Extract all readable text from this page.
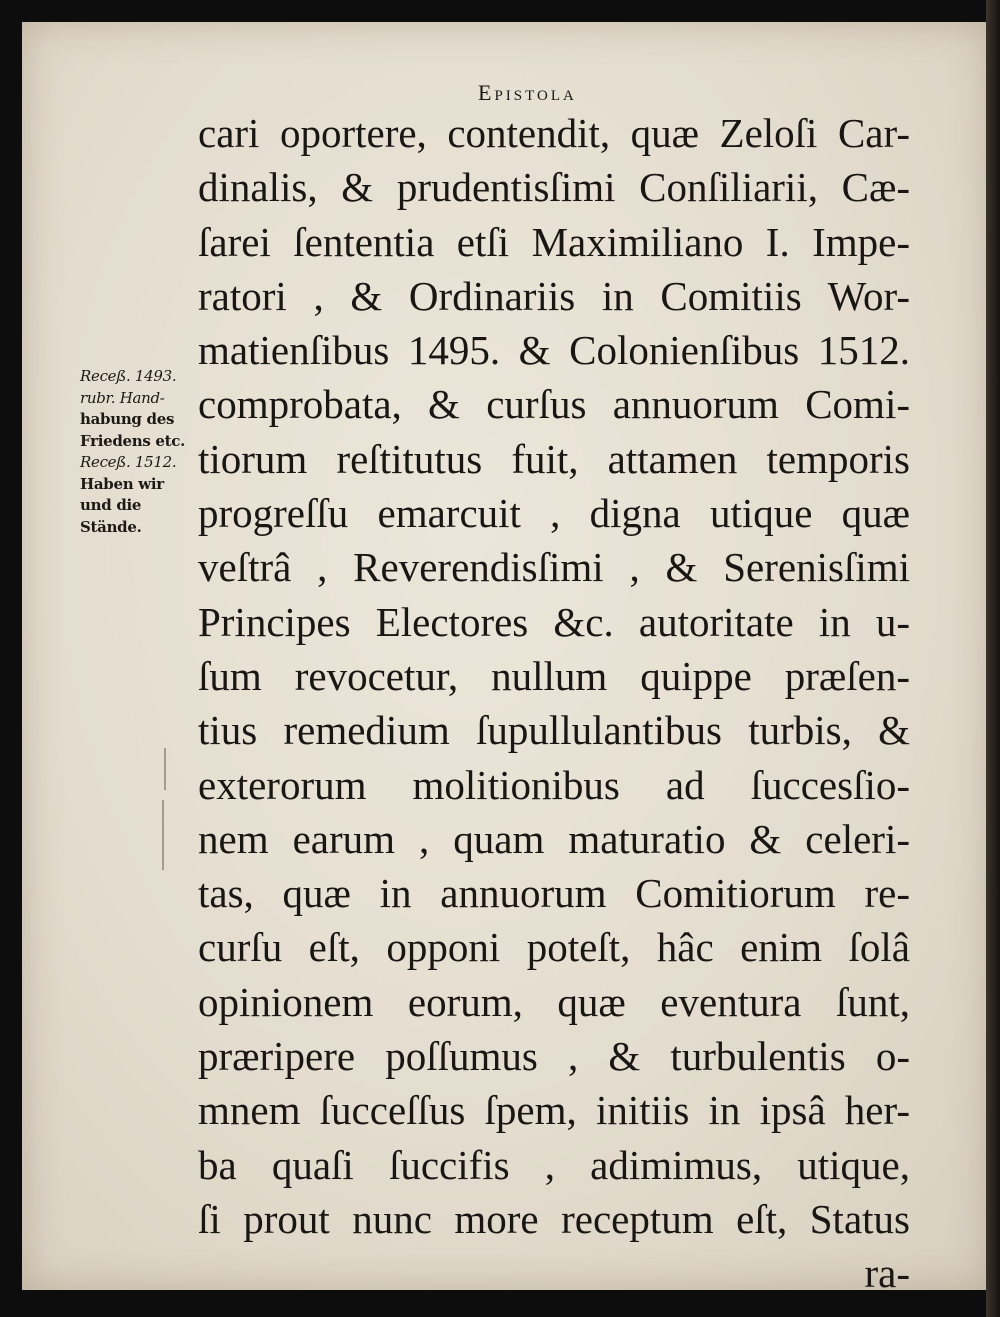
Epistola
Receß. 1493.
rubr. Hand-
habung des
Friedens etc.
Receß. 1512.
Haben wir
und die
Stände.
cari oportere, contendit, quæ Zeloſi Car-
dinalis, & prudentisſimi Conſiliarii, Cæ-
ſarei ſententia etſi Maximiliano I. Impe-
ratori , & Ordinariis in Comitiis Wor-
matienſibus 1495. & Colonienſibus 1512.
comprobata, & curſus annuorum Comi-
tiorum reſtitutus fuit, attamen temporis
progreſſu emarcuit , digna utique quæ
veſtrâ , Reverendisſimi , & Serenisſimi
Principes Electores &c. autoritate in u-
ſum revocetur, nullum quippe præſen-
tius remedium ſupullulantibus turbis, &
exterorum molitionibus ad ſuccesſio-
nem earum , quam maturatio & celeri-
tas, quæ in annuorum Comitiorum re-
curſu eſt, opponi poteſt, hâc enim ſolâ
opinionem eorum, quæ eventura ſunt,
præripere poſſumus , & turbulentis o-
mnem ſucceſſus ſpem, initiis in ipsâ her-
ba quaſi ſuccifis , adimimus, utique,
ſi prout nunc more receptum eſt, Status
ra-
